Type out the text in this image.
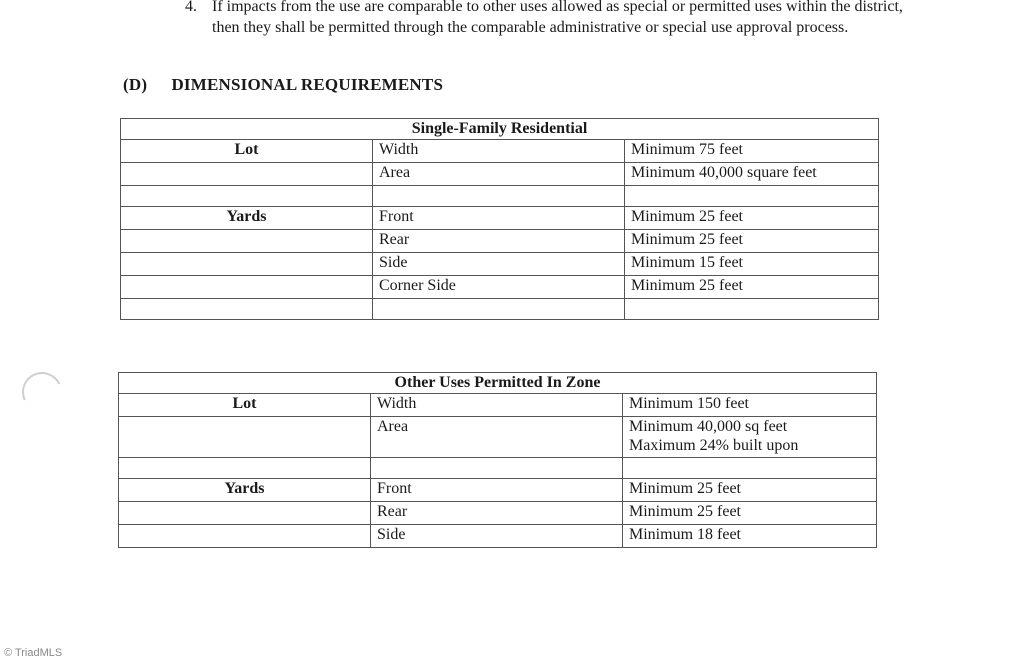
4. If impacts from the use are comparable to other uses allowed as special or permitted uses within the district, then they shall be permitted through the comparable administrative or special use approval process.
(D) DIMENSIONAL REQUIREMENTS
Single-Family Residential		
Lot	Width	Minimum 75 feet
	Area	Minimum 40,000 square feet

Yards	Front	Minimum 25 feet
	Rear	Minimum 25 feet
	Side	Minimum 15 feet
	Corner Side	Minimum 25 feet

Other Uses Permitted In Zone		
Lot	Width	Minimum 150 feet
	Area	Minimum 40,000 sq feet
Maximum 24% built upon

Yards	Front	Minimum 25 feet
	Rear	Minimum 25 feet
	Side	Minimum 18 feet
© TriadMLS
